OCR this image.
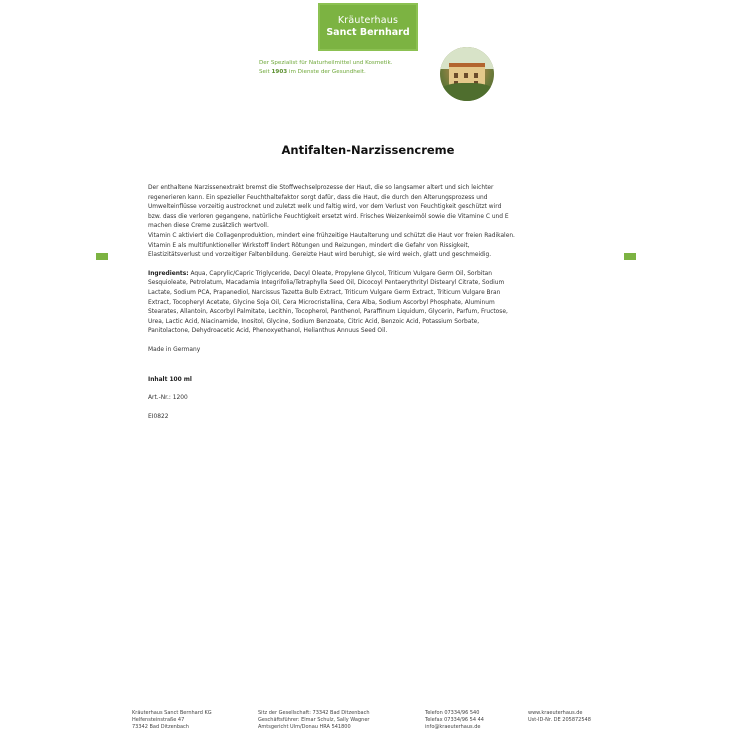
Kräuterhaus
Sanct Bernhard
Der Spezialist für Naturheilmittel und Kosmetik.
Seit 1903 im Dienste der Gesundheit.
Antifalten-Narzissencreme

Der enthaltene Narzissenextrakt bremst die Stoffwechselprozesse der Haut, die so langsamer altert und sich leichter

regenerieren kann. Ein spezieller Feuchthaltefaktor sorgt dafür, dass die Haut, die durch den Alterungsprozess und

Umwelteinflüsse vorzeitig austrocknet und zuletzt welk und faltig wird, vor dem Verlust von Feuchtigkeit geschützt wird

bzw. dass die verloren gegangene, natürliche Feuchtigkeit ersetzt wird. Frisches Weizenkeimöl sowie die Vitamine C und E

machen diese Creme zusätzlich wertvoll.

Vitamin C aktiviert die Collagenproduktion, mindert eine frühzeitige Hautalterung und schützt die Haut vor freien Radikalen.

Vitamin E als multifunktioneller Wirkstoff lindert Rötungen und Reizungen, mindert die Gefahr von Rissigkeit,

Elastizitätsverlust und vorzeitiger Faltenbildung. Gereizte Haut wird beruhigt, sie wird weich, glatt und geschmeidig.

Ingredients: Aqua, Caprylic/Capric Triglyceride, Decyl Oleate, Propylene Glycol, Triticum Vulgare Germ Oil, Sorbitan

Sesquioleate, Petrolatum, Macadamia Integrifolia/Tetraphylla Seed Oil, Dicocoyl Pentaerythrityl Distearyl Citrate, Sodium

Lactate, Sodium PCA, Prapanediol, Narcissus Tazetta Bulb Extract, Triticum Vulgare Germ Extract, Triticum Vulgare Bran

Extract, Tocopheryl Acetate, Glycine Soja Oil, Cera Microcristallina, Cera Alba, Sodium Ascorbyl Phosphate, Aluminum

Stearates, Allantoin, Ascorbyl Palmitate, Lecithin, Tocopherol, Panthenol, Paraffinum Liquidum, Glycerin, Parfum, Fructose,

Urea, Lactic Acid, Niacinamide, Inositol, Glycine, Sodium Benzoate, Citric Acid, Benzoic Acid, Potassium Sorbate,

Panitolactone, Dehydroacetic Acid, Phenoxyethanol, Helianthus Annuus Seed Oil.

Made in Germany

Inhalt 100 ml

Art.-Nr.: 1200

EI0822

Kräuterhaus Sanct Bernhard KG
Helfensteinstraße 47
73342 Bad Ditzenbach
Sitz der Gesellschaft: 73342 Bad Ditzenbach
Geschäftsführer: Elmar Schulz, Sally Wagner
Amtsgericht Ulm/Donau HRA 541800
Telefon 07334/96 540
Telefax 07334/96 54 44
info@kraeuterhaus.de
www.kraeuterhaus.de
Ust-ID-Nr. DE 205872548
